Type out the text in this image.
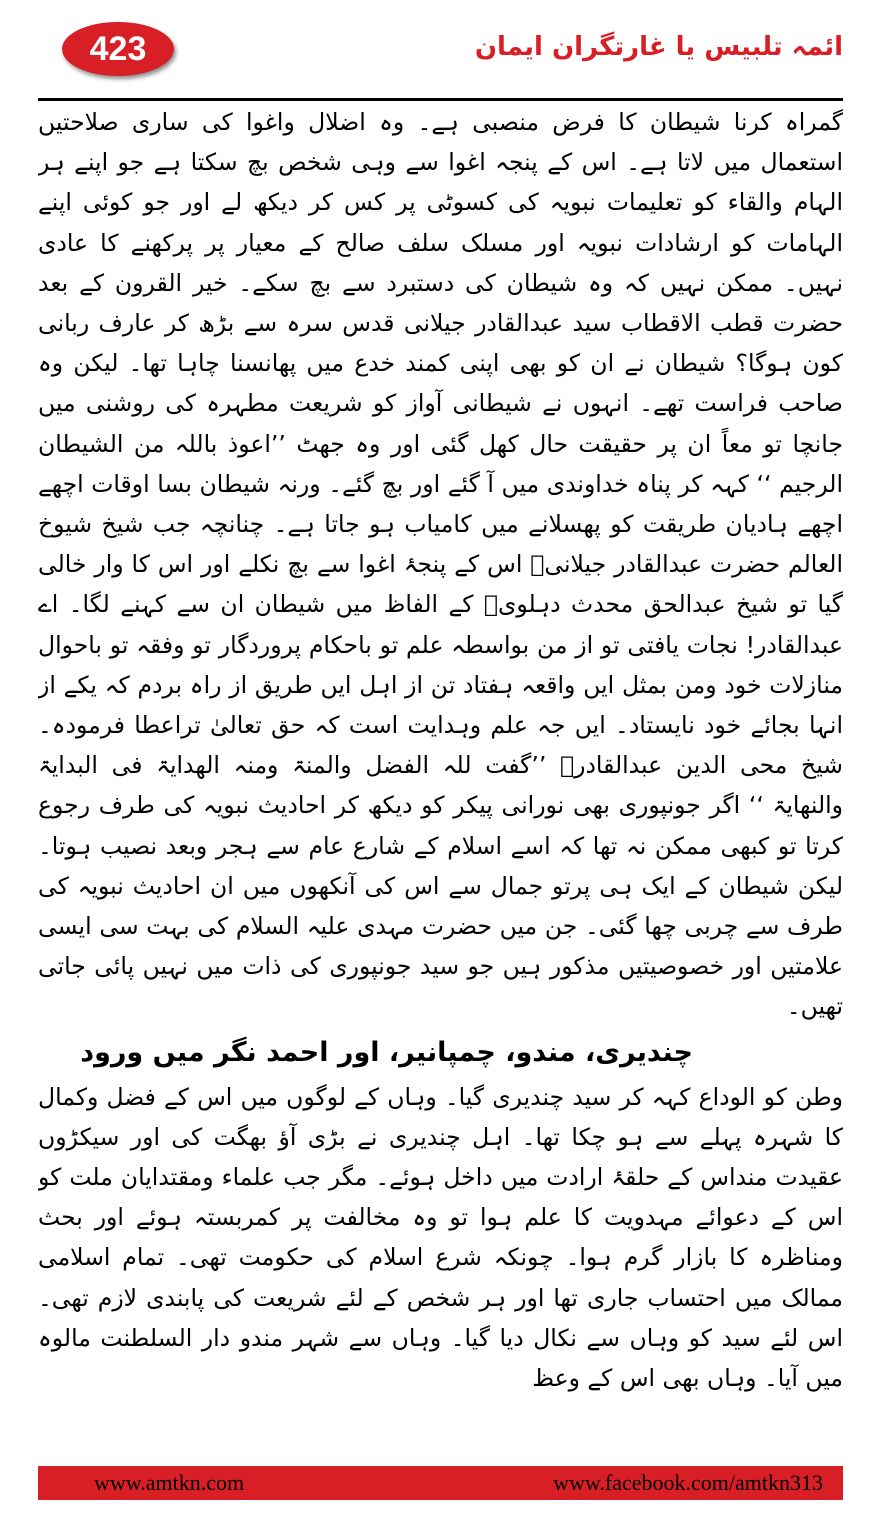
423	ائمہ تلبیس یا غارتگران ایمان

گمراہ کرنا شیطان کا فرض منصبی ہے۔ وہ اضلال واغوا کی ساری صلاحتیں استعمال میں لاتا ہے۔ اس کے پنجہ اغوا سے وہی شخص بچ سکتا ہے جو اپنے ہر الہام والقاء کو تعلیمات نبویہ کی کسوٹی پر کس کر دیکھ لے اور جو کوئی اپنے الہامات کو ارشادات نبویہ اور مسلک سلف صالح کے معیار پر پرکھنے کا عادی نہیں۔ ممکن نہیں کہ وہ شیطان کی دستبرد سے بچ سکے۔ خیر القرون کے بعد حضرت قطب الاقطاب سید عبدالقادر جیلانی قدس سرہ سے بڑھ کر عارف ربانی کون ہوگا؟ شیطان نے ان کو بھی اپنی کمند خدع میں پھانسنا چاہا تھا۔ لیکن وہ صاحب فراست تھے۔ انہوں نے شیطانی آواز کو شریعت مطہرہ کی روشنی میں جانچا تو معاً ان پر حقیقت حال کھل گئی اور وہ جھٹ ’’اعوذ باللہ من الشیطان الرجیم ‘‘ کہہ کر پناہ خداوندی میں آ گئے اور بچ گئے۔ ورنہ شیطان بسا اوقات اچھے اچھے ہادیان طریقت کو پھسلانے میں کامیاب ہو جاتا ہے۔ چنانچہ جب شیخ شیوخ العالم حضرت عبدالقادر جیلانیؒ اس کے پنجۂ اغوا سے بچ نکلے اور اس کا وار خالی گیا تو شیخ عبدالحق محدث دہلویؒ کے الفاظ میں شیطان ان سے کہنے لگا۔ اے عبدالقادر! نجات یافتی تو از من بواسطہ علم تو باحکام پروردگار تو وفقہ تو باحوال منازلات خود ومن بمثل ایں واقعہ ہفتاد تن از اہل ایں طریق از راہ بردم کہ یکے از انہا بجائے خود نایستاد۔ ایں جہ علم وہدایت است کہ حق تعالیٰ تراعطا فرمودہ۔ شیخ محی الدین عبدالقادرؒ ’’گفت للہ الفضل والمنۃ ومنہ الھدایۃ فی البدایۃ والنھایۃ ‘‘ اگر جونپوری بھی نورانی پیکر کو دیکھ کر احادیث نبویہ کی طرف رجوع کرتا تو کبھی ممکن نہ تھا کہ اسے اسلام کے شارع عام سے ہجر وبعد نصیب ہوتا۔ لیکن شیطان کے ایک ہی پرتو جمال سے اس کی آنکھوں میں ان احادیث نبویہ کی طرف سے چربی چھا گئی۔ جن میں حضرت مہدی علیہ السلام کی بہت سی ایسی علامتیں اور خصوصیتیں مذکور ہیں جو سید جونپوری کی ذات میں نہیں پائی جاتی تھیں۔

چندیری، مندو، چمپانیر، اور احمد نگر میں ورود

وطن کو الوداع کہہ کر سید چندیری گیا۔ وہاں کے لوگوں میں اس کے فضل وکمال کا شہرہ پہلے سے ہو چکا تھا۔ اہل چندیری نے بڑی آؤ بھگت کی اور سیکڑوں عقیدت منداس کے حلقۂ ارادت میں داخل ہوئے۔ مگر جب علماء ومقتدایان ملت کو اس کے دعوائے مہدویت کا علم ہوا تو وہ مخالفت پر کمربستہ ہوئے اور بحث ومناظرہ کا بازار گرم ہوا۔ چونکہ شرع اسلام کی حکومت تھی۔ تمام اسلامی ممالک میں احتساب جاری تھا اور ہر شخص کے لئے شریعت کی پابندی لازم تھی۔ اس لئے سید کو وہاں سے نکال دیا گیا۔ وہاں سے شہر مندو دار السلطنت مالوہ میں آیا۔ وہاں بھی اس کے وعظ

www.amtkn.com	www.facebook.com/amtkn313
